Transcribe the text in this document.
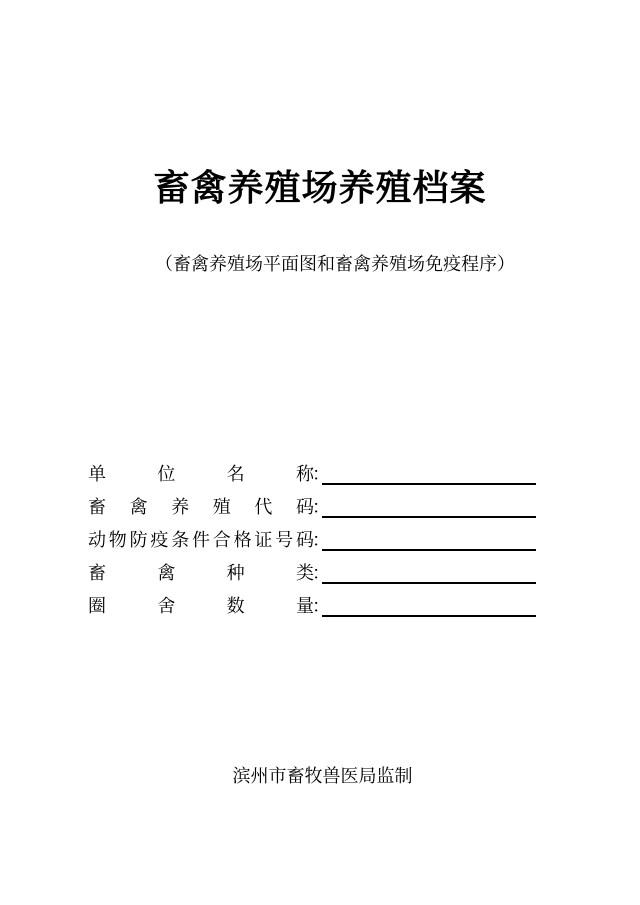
畜禽养殖场养殖档案
（畜禽养殖场平面图和畜禽养殖场免疫程序）
单	位	名	称
：
畜 禽 养 殖 代 码
：
动 物 防 疫 条 件 合 格 证 号 码
：
畜	禽	种	类
：
圈	舍	数	量
：
滨州市畜牧兽医局监制
